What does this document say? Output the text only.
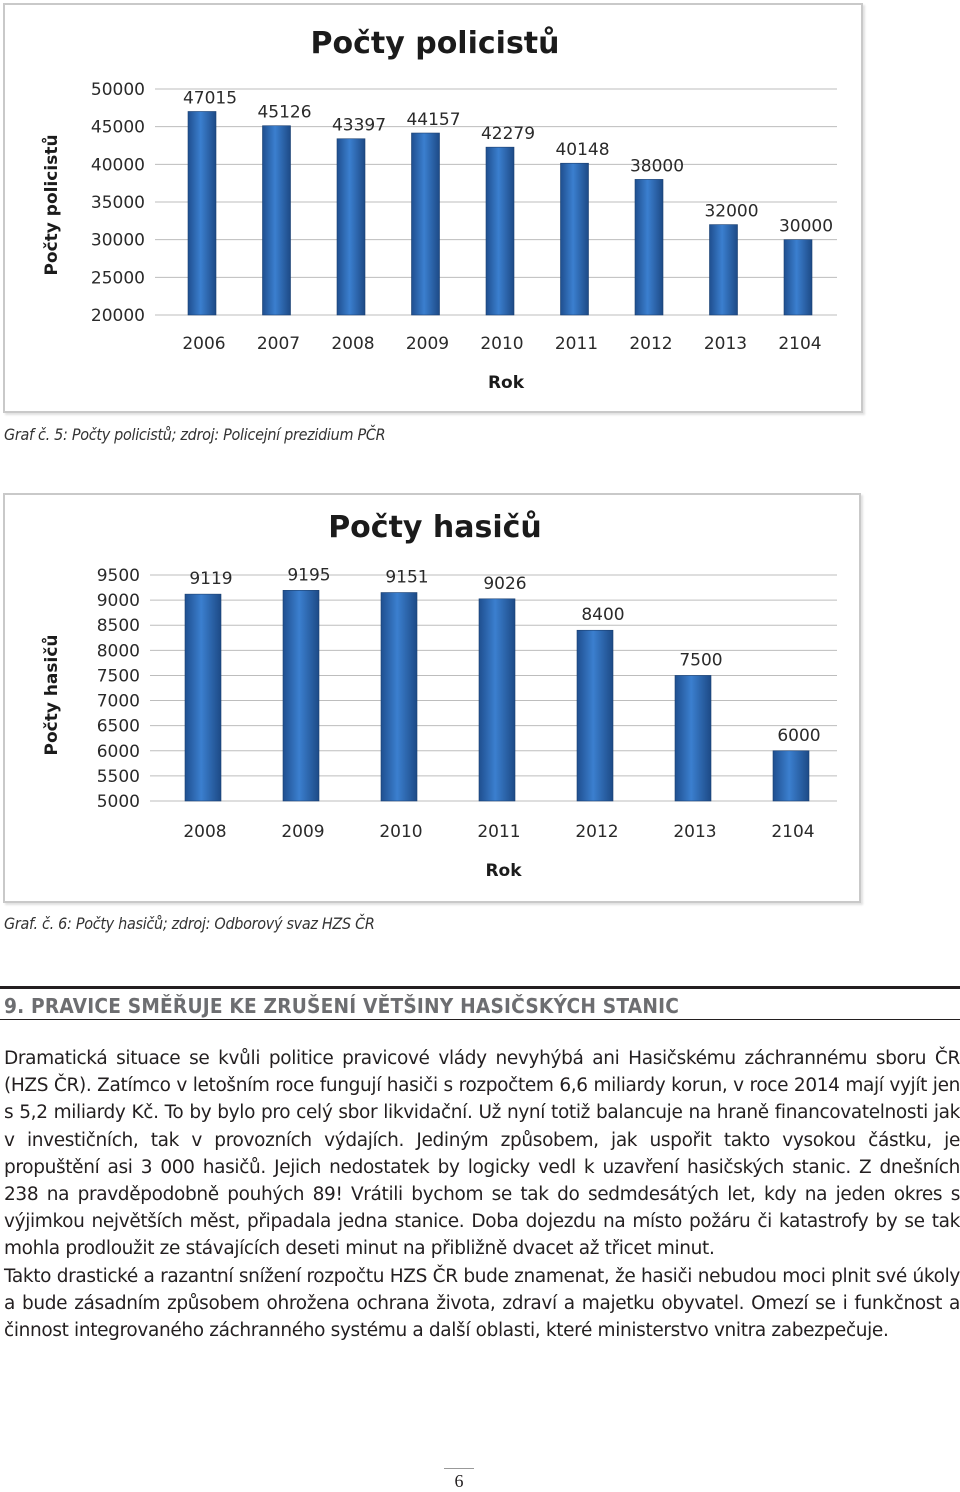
Počty policistů
50000
45000
40000
35000
30000
25000
20000
Počty policistů
47015
2006
45126
2007
43397
2008
44157
2009
42279
2010
40148
2011
38000
2012
32000
2013
30000
2104
Rok
Graf č. 5: Počty policistů; zdroj: Policejní prezidium PČR
Počty hasičů
9500
9000
8500
8000
7500
7000
6500
6000
5500
5000
Počty hasičů
9119
2008
9195
2009
9151
2010
9026
2011
8400
2012
7500
2013
6000
2104
Rok
Graf. č. 6: Počty hasičů; zdroj: Odborový svaz HZS ČR
9. PRAVICE SMĚŘUJE KE ZRUŠENÍ VĚTŠINY HASIČSKÝCH STANIC

Dramatická situace se kvůli politice pravicové vlády nevyhýbá ani Hasičskému záchrannému sboru ČR (HZS ČR). Zatímco v letošním roce fungují hasiči s rozpočtem 6,6 miliardy korun, v roce 2014 mají vyjít jen s 5,2 miliardy Kč. To by bylo pro celý sbor likvidační. Už nyní totiž balancuje na hraně financovatelnosti jak v investičních, tak v provozních výdajích. Jediným způsobem, jak uspořit takto vysokou částku, je propuštění asi 3 000 hasičů. Jejich nedostatek by logicky vedl k uzavření hasičských stanic. Z dnešních 238 na pravděpodobně pouhých 89! Vrátili bychom se tak do sedmdesátých let, kdy na jeden okres s výjimkou největších měst, připadala jedna stanice. Doba dojezdu na místo požáru či katastrofy by se tak mohla prodloužit ze stávajících deseti minut na přibližně dvacet až třicet minut.

Takto drastické a razantní snížení rozpočtu HZS ČR bude znamenat, že hasiči nebudou moci plnit své úkoly a bude zásadním způsobem ohrožena ochrana života, zdraví a majetku obyvatel. Omezí se i funkčnost a činnost integrovaného záchranného systému a další oblasti, které ministerstvo vnitra zabezpečuje.

6
